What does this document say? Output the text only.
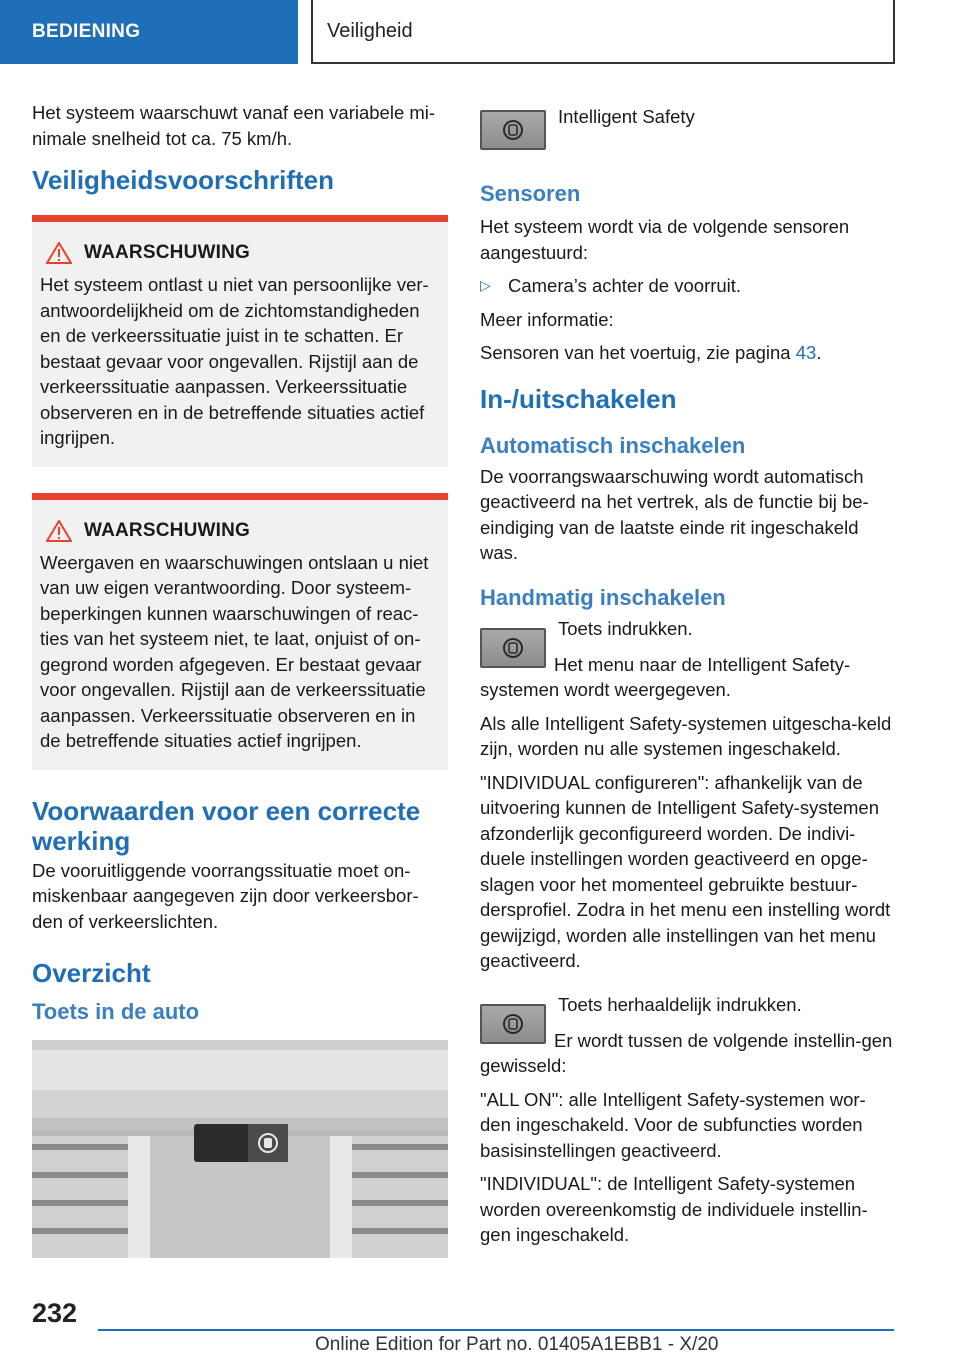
BEDIENING	Veiligheid

Het systeem waarschuwt vanaf een variabele mi-nimale snelheid tot ca. 75 km/h.

Veiligheidsvoorschriften
WAARSCHUWING

Het systeem ontlast u niet van persoonlijke ver-antwoordelijkheid om de zichtomstandigheden en de verkeerssituatie juist in te schatten. Er bestaat gevaar voor ongevallen. Rijstijl aan de verkeerssituatie aanpassen. Verkeerssituatie observeren en in de betreffende situaties actief ingrijpen.

WAARSCHUWING

Weergaven en waarschuwingen ontslaan u niet van uw eigen verantwoording. Door systeem-beperkingen kunnen waarschuwingen of reac-ties van het systeem niet, te laat, onjuist of on-gegrond worden afgegeven. Er bestaat gevaar voor ongevallen. Rijstijl aan de verkeerssituatie aanpassen. Verkeerssituatie observeren en in de betreffende situaties actief ingrijpen.

Voorwaarden voor een correcte werking

De vooruitliggende voorrangssituatie moet on-miskenbaar aangegeven zijn door verkeersbor-den of verkeerslichten.

Overzicht
Toets in de auto

Intelligent Safety

Sensoren

Het systeem wordt via de volgende sensoren aangestuurd:

▷ Camera’s achter de voorruit.

Meer informatie:

Sensoren van het voertuig, zie pagina 43.

In-/uitschakelen
Automatisch inschakelen

De voorrangswaarschuwing wordt automatisch geactiveerd na het vertrek, als de functie bij be-eindiging van de laatste einde rit ingeschakeld was.

Handmatig inschakelen

Toets indrukken.

Het menu naar de Intelligent Safety-systemen wordt weergegeven.

Als alle Intelligent Safety-systemen uitgescha-keld zijn, worden nu alle systemen ingeschakeld.

"INDIVIDUAL configureren": afhankelijk van de uitvoering kunnen de Intelligent Safety-systemen afzonderlijk geconfigureerd worden. De indivi-duele instellingen worden geactiveerd en opge-slagen voor het momenteel gebruikte bestuur-dersprofiel. Zodra in het menu een instelling wordt gewijzigd, worden alle instellingen van het menu geactiveerd.

Toets herhaaldelijk indrukken.

Er wordt tussen de volgende instellin-gen gewisseld:

"ALL ON": alle Intelligent Safety-systemen wor-den ingeschakeld. Voor de subfuncties worden basisinstellingen geactiveerd.

"INDIVIDUAL": de Intelligent Safety-systemen worden overeenkomstig de individuele instellin-gen ingeschakeld.

232
Online Edition for Part no. 01405A1EBB1 - X/20
